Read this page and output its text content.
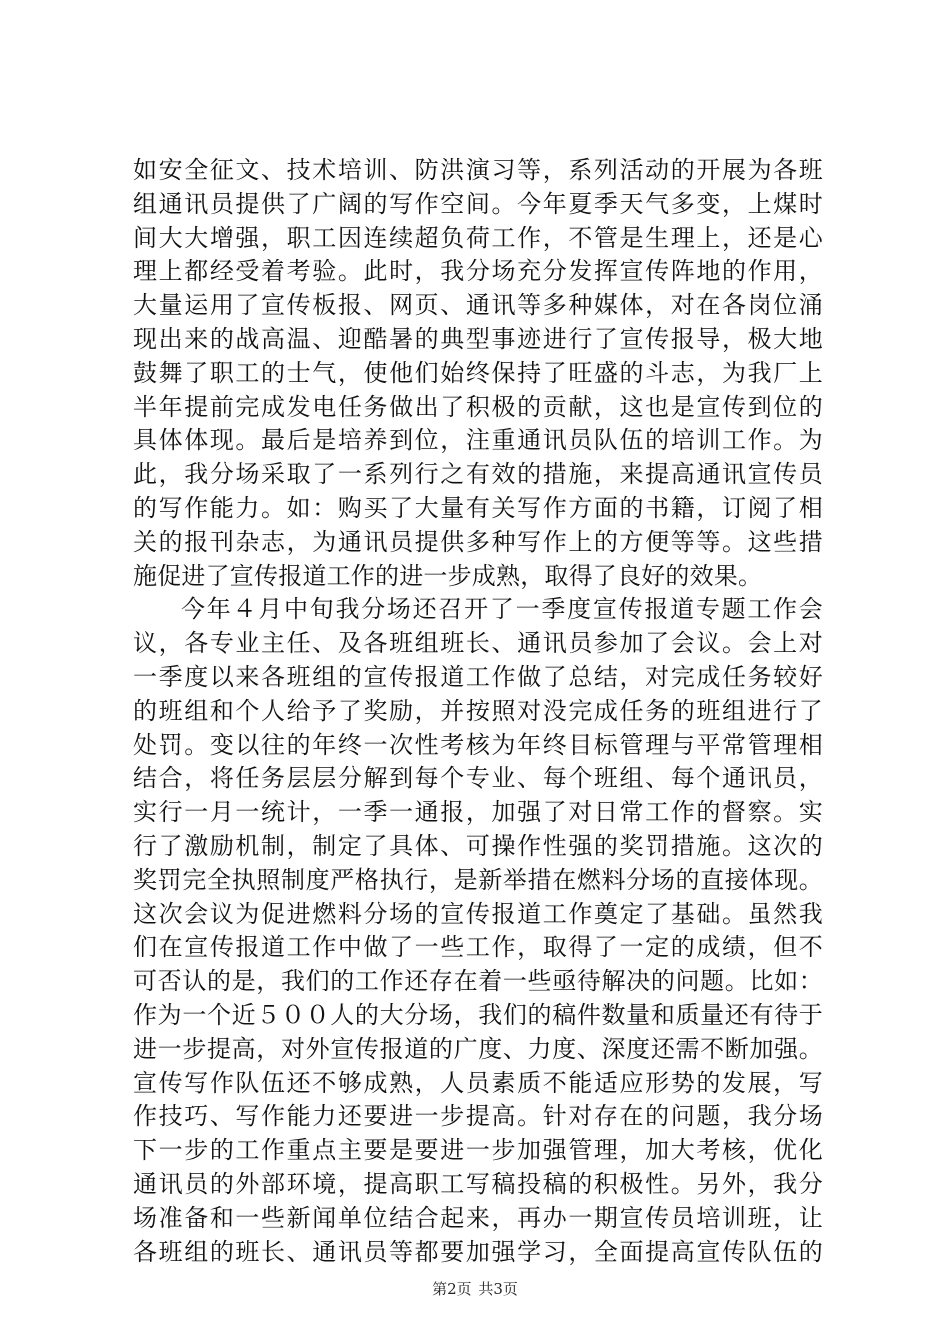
如安全征文、技术培训、防洪演习等，系列活动的开展为各班
组通讯员提供了广阔的写作空间。今年夏季天气多变，上煤时
间大大增强，职工因连续超负荷工作，不管是生理上，还是心
理上都经受着考验。此时，我分场充分发挥宣传阵地的作用，
大量运用了宣传板报、网页、通讯等多种媒体，对在各岗位涌
现出来的战高温、迎酷暑的典型事迹进行了宣传报导，极大地
鼓舞了职工的士气，使他们始终保持了旺盛的斗志，为我厂上
半年提前完成发电任务做出了积极的贡献，这也是宣传到位的
具体体现。最后是培养到位，注重通讯员队伍的培训工作。为
此，我分场采取了一系列行之有效的措施，来提高通讯宣传员
的写作能力。如：购买了大量有关写作方面的书籍，订阅了相
关的报刊杂志，为通讯员提供多种写作上的方便等等。这些措
施促进了宣传报道工作的进一步成熟，取得了良好的效果。
今年４月中旬我分场还召开了一季度宣传报道专题工作会
议，各专业主任、及各班组班长、通讯员参加了会议。会上对
一季度以来各班组的宣传报道工作做了总结，对完成任务较好
的班组和个人给予了奖励，并按照对没完成任务的班组进行了
处罚。变以往的年终一次性考核为年终目标管理与平常管理相
结合，将任务层层分解到每个专业、每个班组、每个通讯员，
实行一月一统计，一季一通报，加强了对日常工作的督察。实
行了激励机制，制定了具体、可操作性强的奖罚措施。这次的
奖罚完全执照制度严格执行，是新举措在燃料分场的直接体现。
这次会议为促进燃料分场的宣传报道工作奠定了基础。虽然我
们在宣传报道工作中做了一些工作，取得了一定的成绩，但不
可否认的是，我们的工作还存在着一些亟待解决的问题。比如：
作为一个近５００人的大分场，我们的稿件数量和质量还有待于
进一步提高，对外宣传报道的广度、力度、深度还需不断加强。
宣传写作队伍还不够成熟，人员素质不能适应形势的发展，写
作技巧、写作能力还要进一步提高。针对存在的问题，我分场
下一步的工作重点主要是要进一步加强管理，加大考核，优化
通讯员的外部环境，提高职工写稿投稿的积极性。另外，我分
场准备和一些新闻单位结合起来，再办一期宣传员培训班，让
各班组的班长、通讯员等都要加强学习，全面提高宣传队伍的
第2页 共3页
